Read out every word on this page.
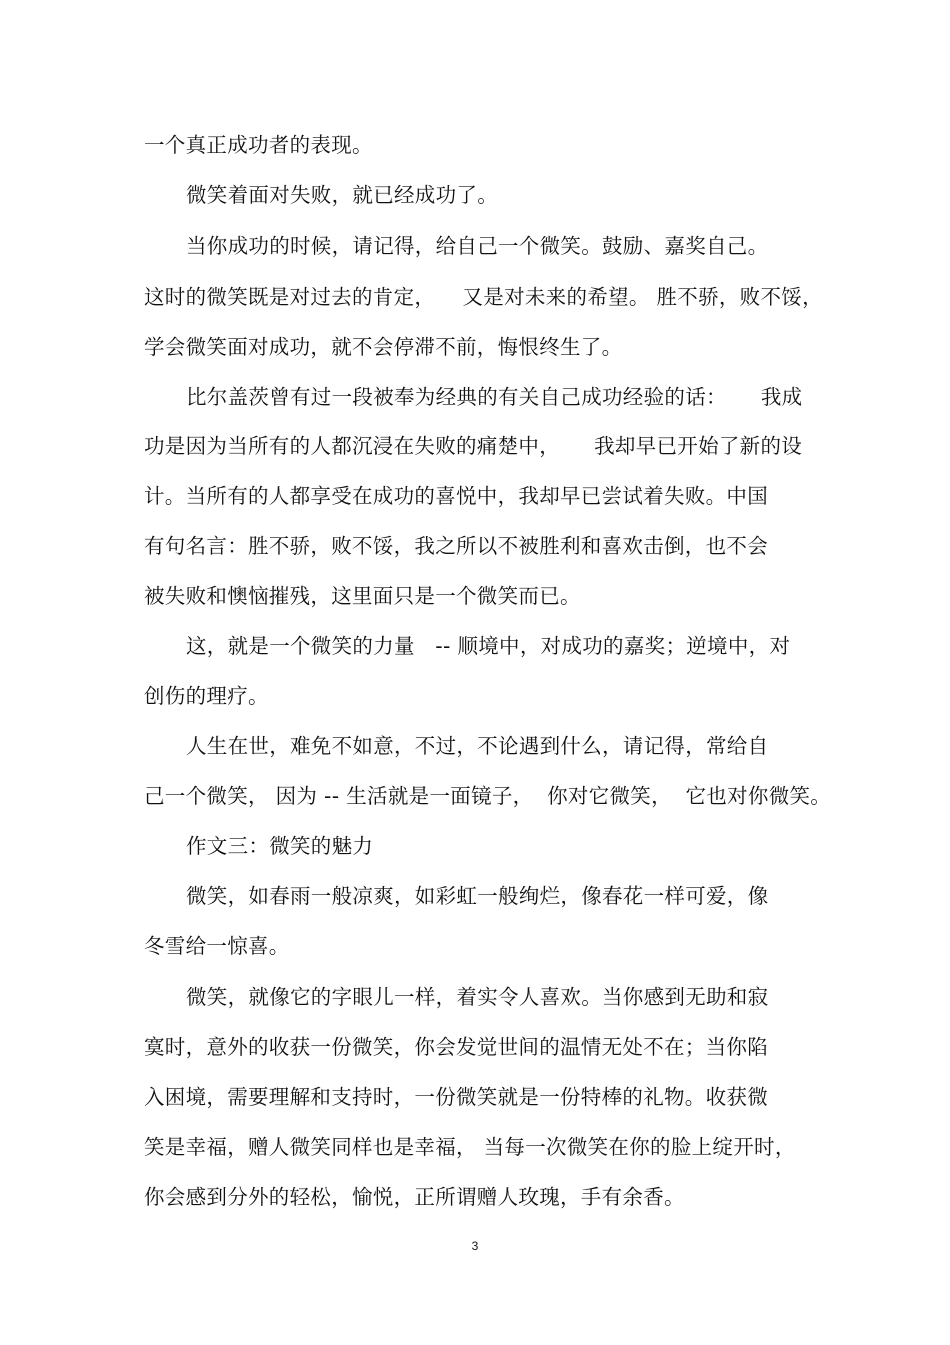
一个真正成功者的表现。
微笑着面对失败，就已经成功了。
当你成功的时候，请记得，给自己一个微笑。鼓励、嘉奖自己。
这时的微笑既是对过去的肯定，    又是对未来的希望。 胜不骄，败不馁，
学会微笑面对成功，就不会停滞不前，悔恨终生了。
比尔盖茨曾有过一段被奉为经典的有关自己成功经验的话：     我成
功是因为当所有的人都沉浸在失败的痛楚中，     我却早已开始了新的设
计。当所有的人都享受在成功的喜悦中，我却早已尝试着失败。中国
有句名言：胜不骄，败不馁，我之所以不被胜利和喜欢击倒，也不会
被失败和懊恼摧残，这里面只是一个微笑而已。
这，就是一个微笑的力量   -- 顺境中，对成功的嘉奖；逆境中，对
创伤的理疗。
人生在世，难免不如意，不过，不论遇到什么，请记得，常给自
己一个微笑， 因为 -- 生活就是一面镜子，  你对它微笑，  它也对你微笑。
作文三：微笑的魅力
微笑，如春雨一般凉爽，如彩虹一般绚烂，像春花一样可爱，像
冬雪给一惊喜。
微笑，就像它的字眼儿一样，着实令人喜欢。当你感到无助和寂
寞时，意外的收获一份微笑，你会发觉世间的温情无处不在；当你陷
入困境，需要理解和支持时，一份微笑就是一份特棒的礼物。收获微
笑是幸福，赠人微笑同样也是幸福， 当每一次微笑在你的脸上绽开时，
你会感到分外的轻松，愉悦，正所谓赠人玫瑰，手有余香。
3
